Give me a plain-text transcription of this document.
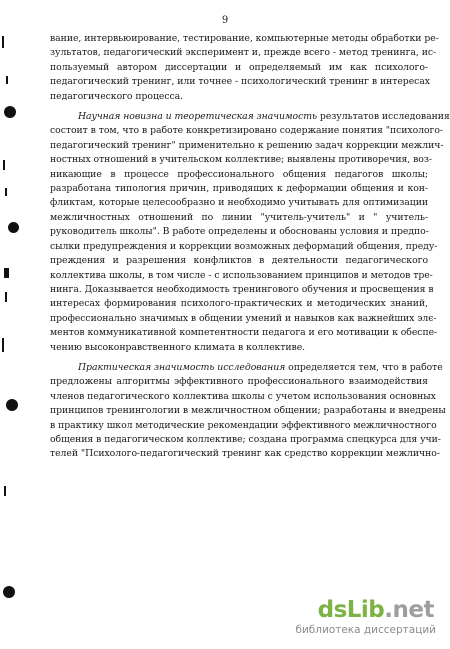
9
вание, интервьюирование, тестирование, компьютерные методы обработки ре-
зультатов, педагогический эксперимент и, прежде всего - метод тренинга, ис-
пользуемый автором диссертации и определяемый им как психолого-
педагогический тренинг, или точнее - психологический тренинг в интересах
педагогического процесса.
Научная новизна и теоретическая значимость результатов исследования
состоит в том, что в работе конкретизировано содержание понятия "психолого-
педагогический тренинг" применительно к решению задач коррекции межлич-
ностных отношений в учительском коллективе; выявлены противоречия, воз-
никающие в процессе профессионального общения педагогов школы;
разработана типология причин, приводящих к деформации общения и кон-
фликтам, которые целесообразно и необходимо учитывать для оптимизации
межличностных отношений по линии "учитель-учитель" и " учитель-
руководитель школы". В работе определены и обоснованы условия и предпо-
сылки предупреждения и коррекции возможных деформаций общения, преду-
преждения и разрешения конфликтов в деятельности педагогического
коллектива школы, в том числе - с использованием принципов и методов тре-
нинга. Доказывается необходимость тренингового обучения и просвещения в
интересах формирования психолого-практических и методических знаний,
профессионально значимых в общении умений и навыков как важнейших элє-
ментов коммуникативной компетентности педагога и его мотивации к обеспе-
чению высоконравственного климата в коллективе.
Практическая значимость исследования определяется тем, что в работе
предложены алгоритмы эффективного профессионального взаимодействия
членов педагогического коллектива школы с учетом использования основных
принципов тренингологии в межличностном общении; разработаны и внедрены
в практику школ методические рекомендации эффективного межличностного
общения в педагогическом коллективе; создана программа спецкурса для учи-
телей "Психолого-педагогический тренинг как средство коррекции межлично-
dsLib.net
библиотека диссертаций
